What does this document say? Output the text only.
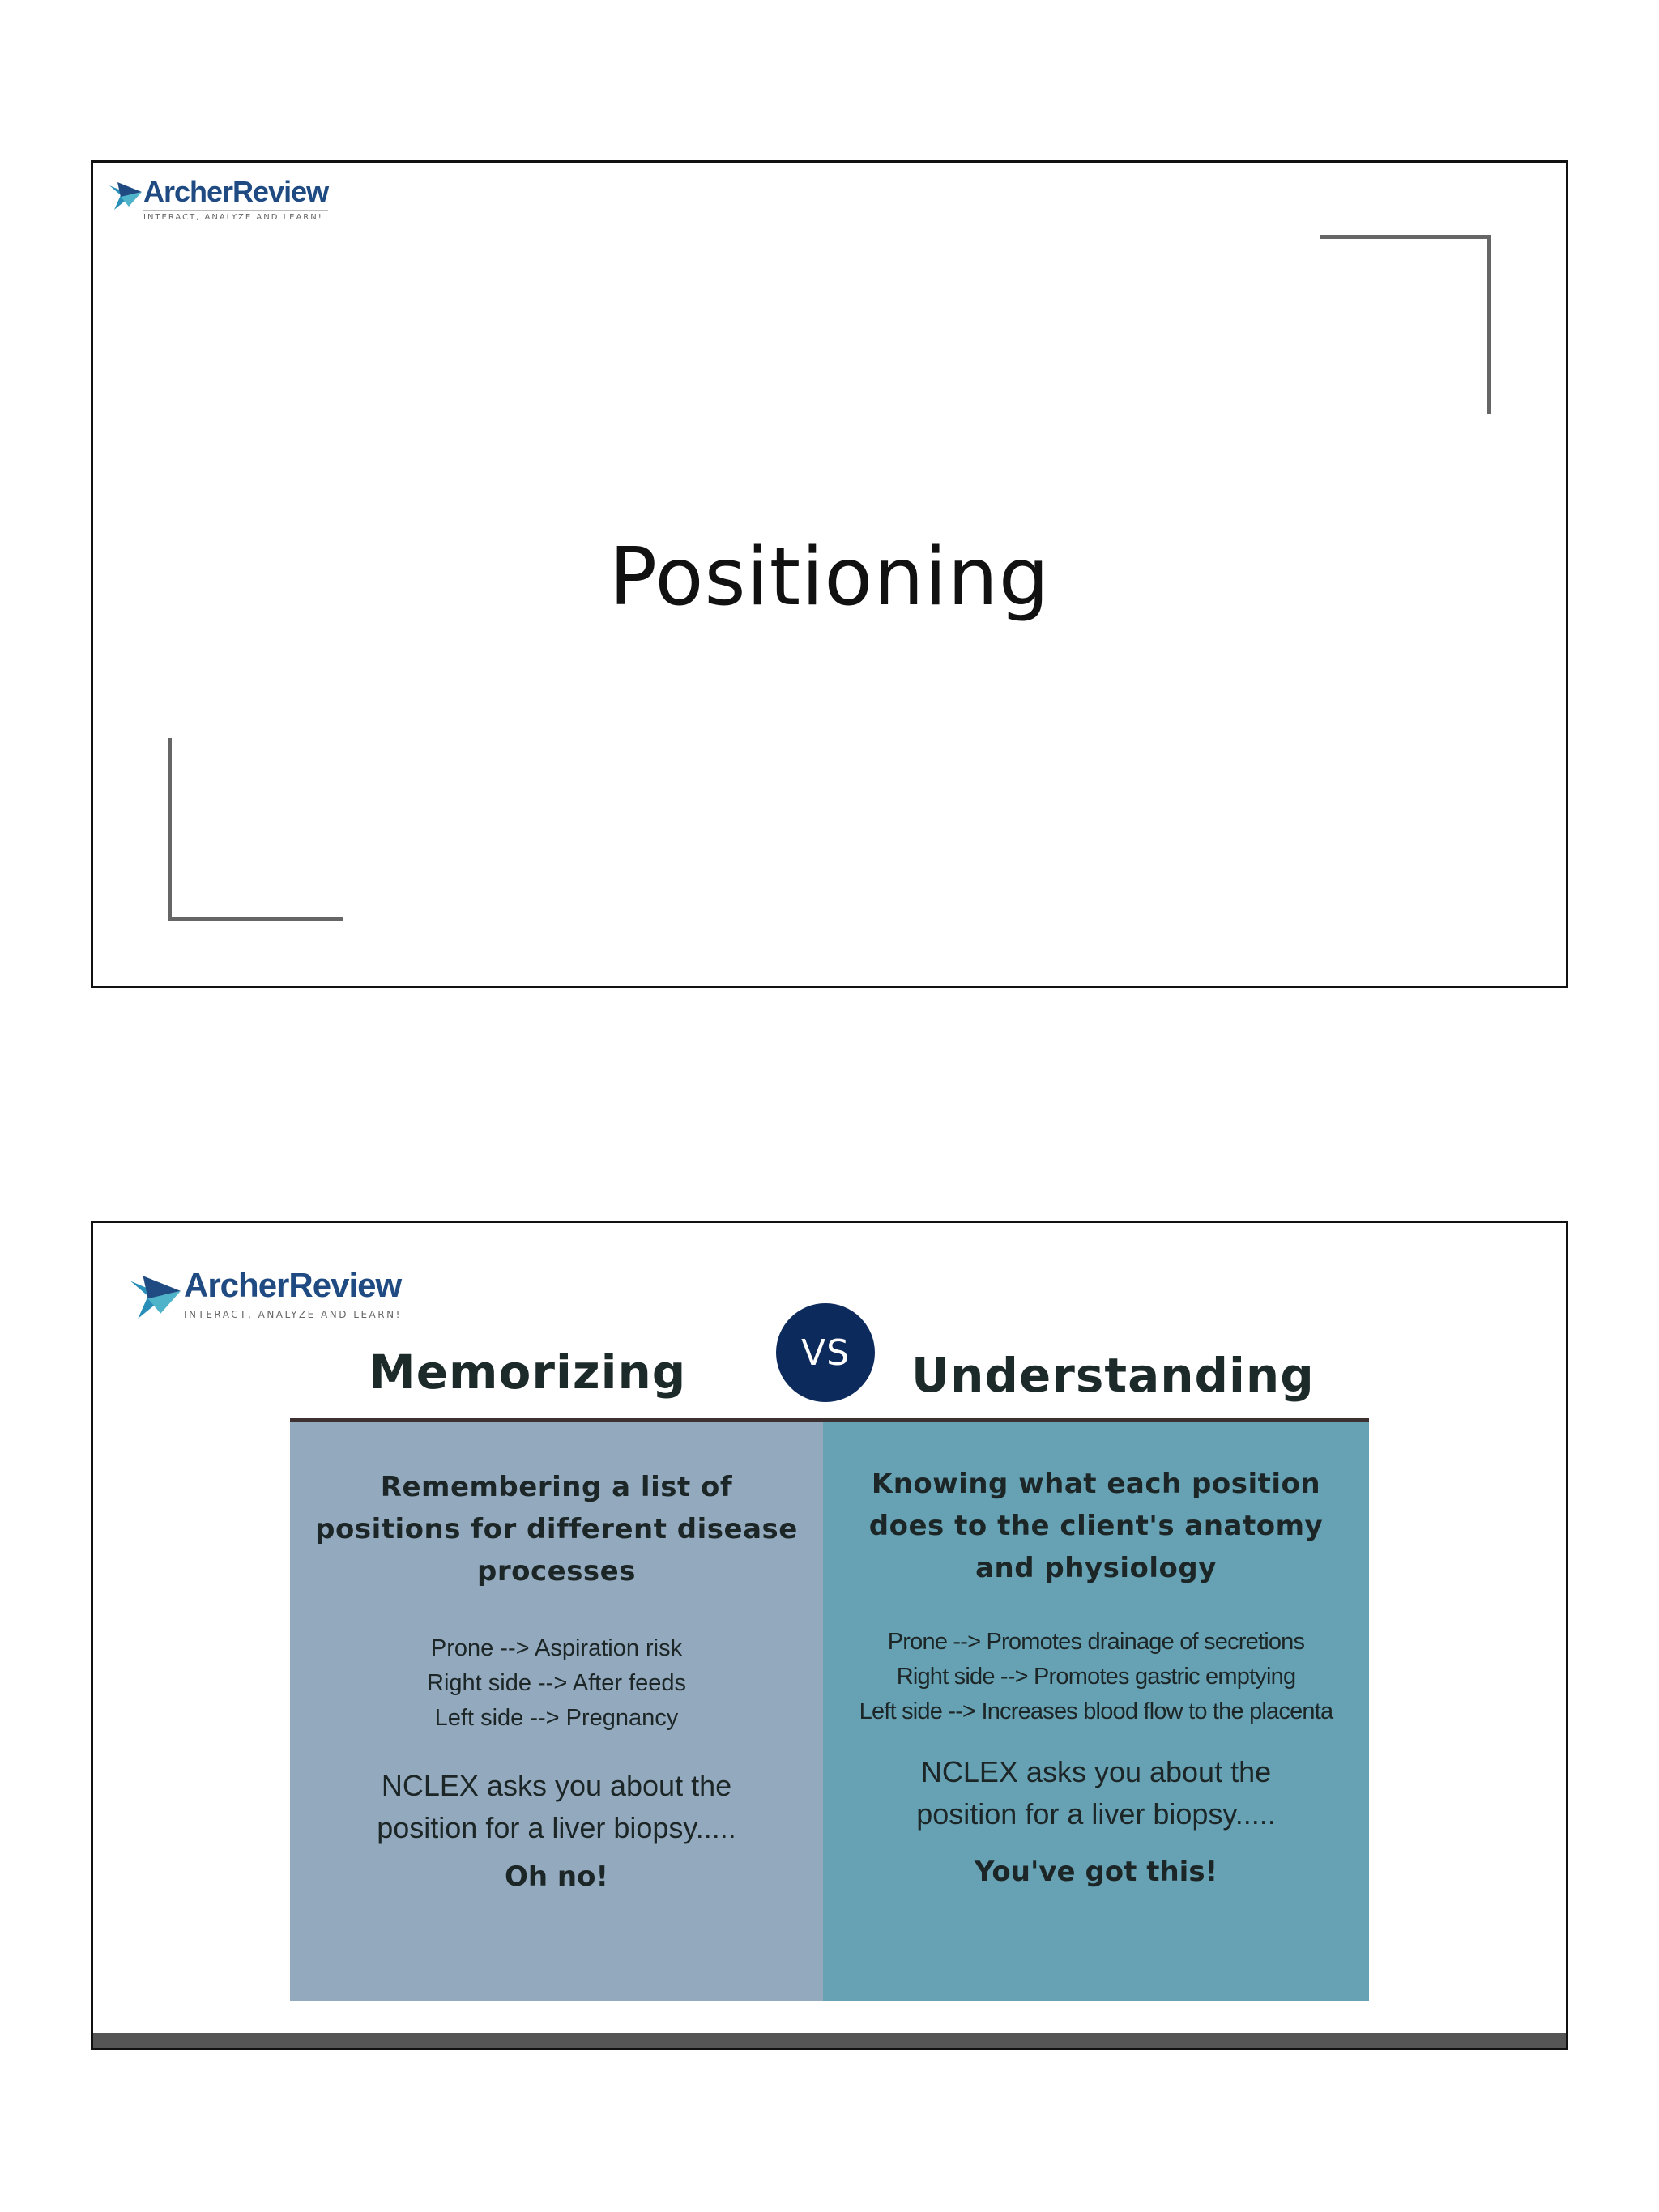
ArcherReview
INTERACT, ANALYZE AND LEARN!
Positioning
ArcherReview
INTERACT, ANALYZE AND LEARN!
Memorizing	VS	Understanding
Remembering a list of
positions for different disease
processes
Prone --> Aspiration risk
Right side --> After feeds
Left side --> Pregnancy
NCLEX asks you about the
position for a liver biopsy.....
Oh no!
Knowing what each position
does to the client's anatomy
and physiology
Prone --> Promotes drainage of secretions
Right side --> Promotes gastric emptying
Left side --> Increases blood flow to the placenta
NCLEX asks you about the
position for a liver biopsy.....
You've got this!
